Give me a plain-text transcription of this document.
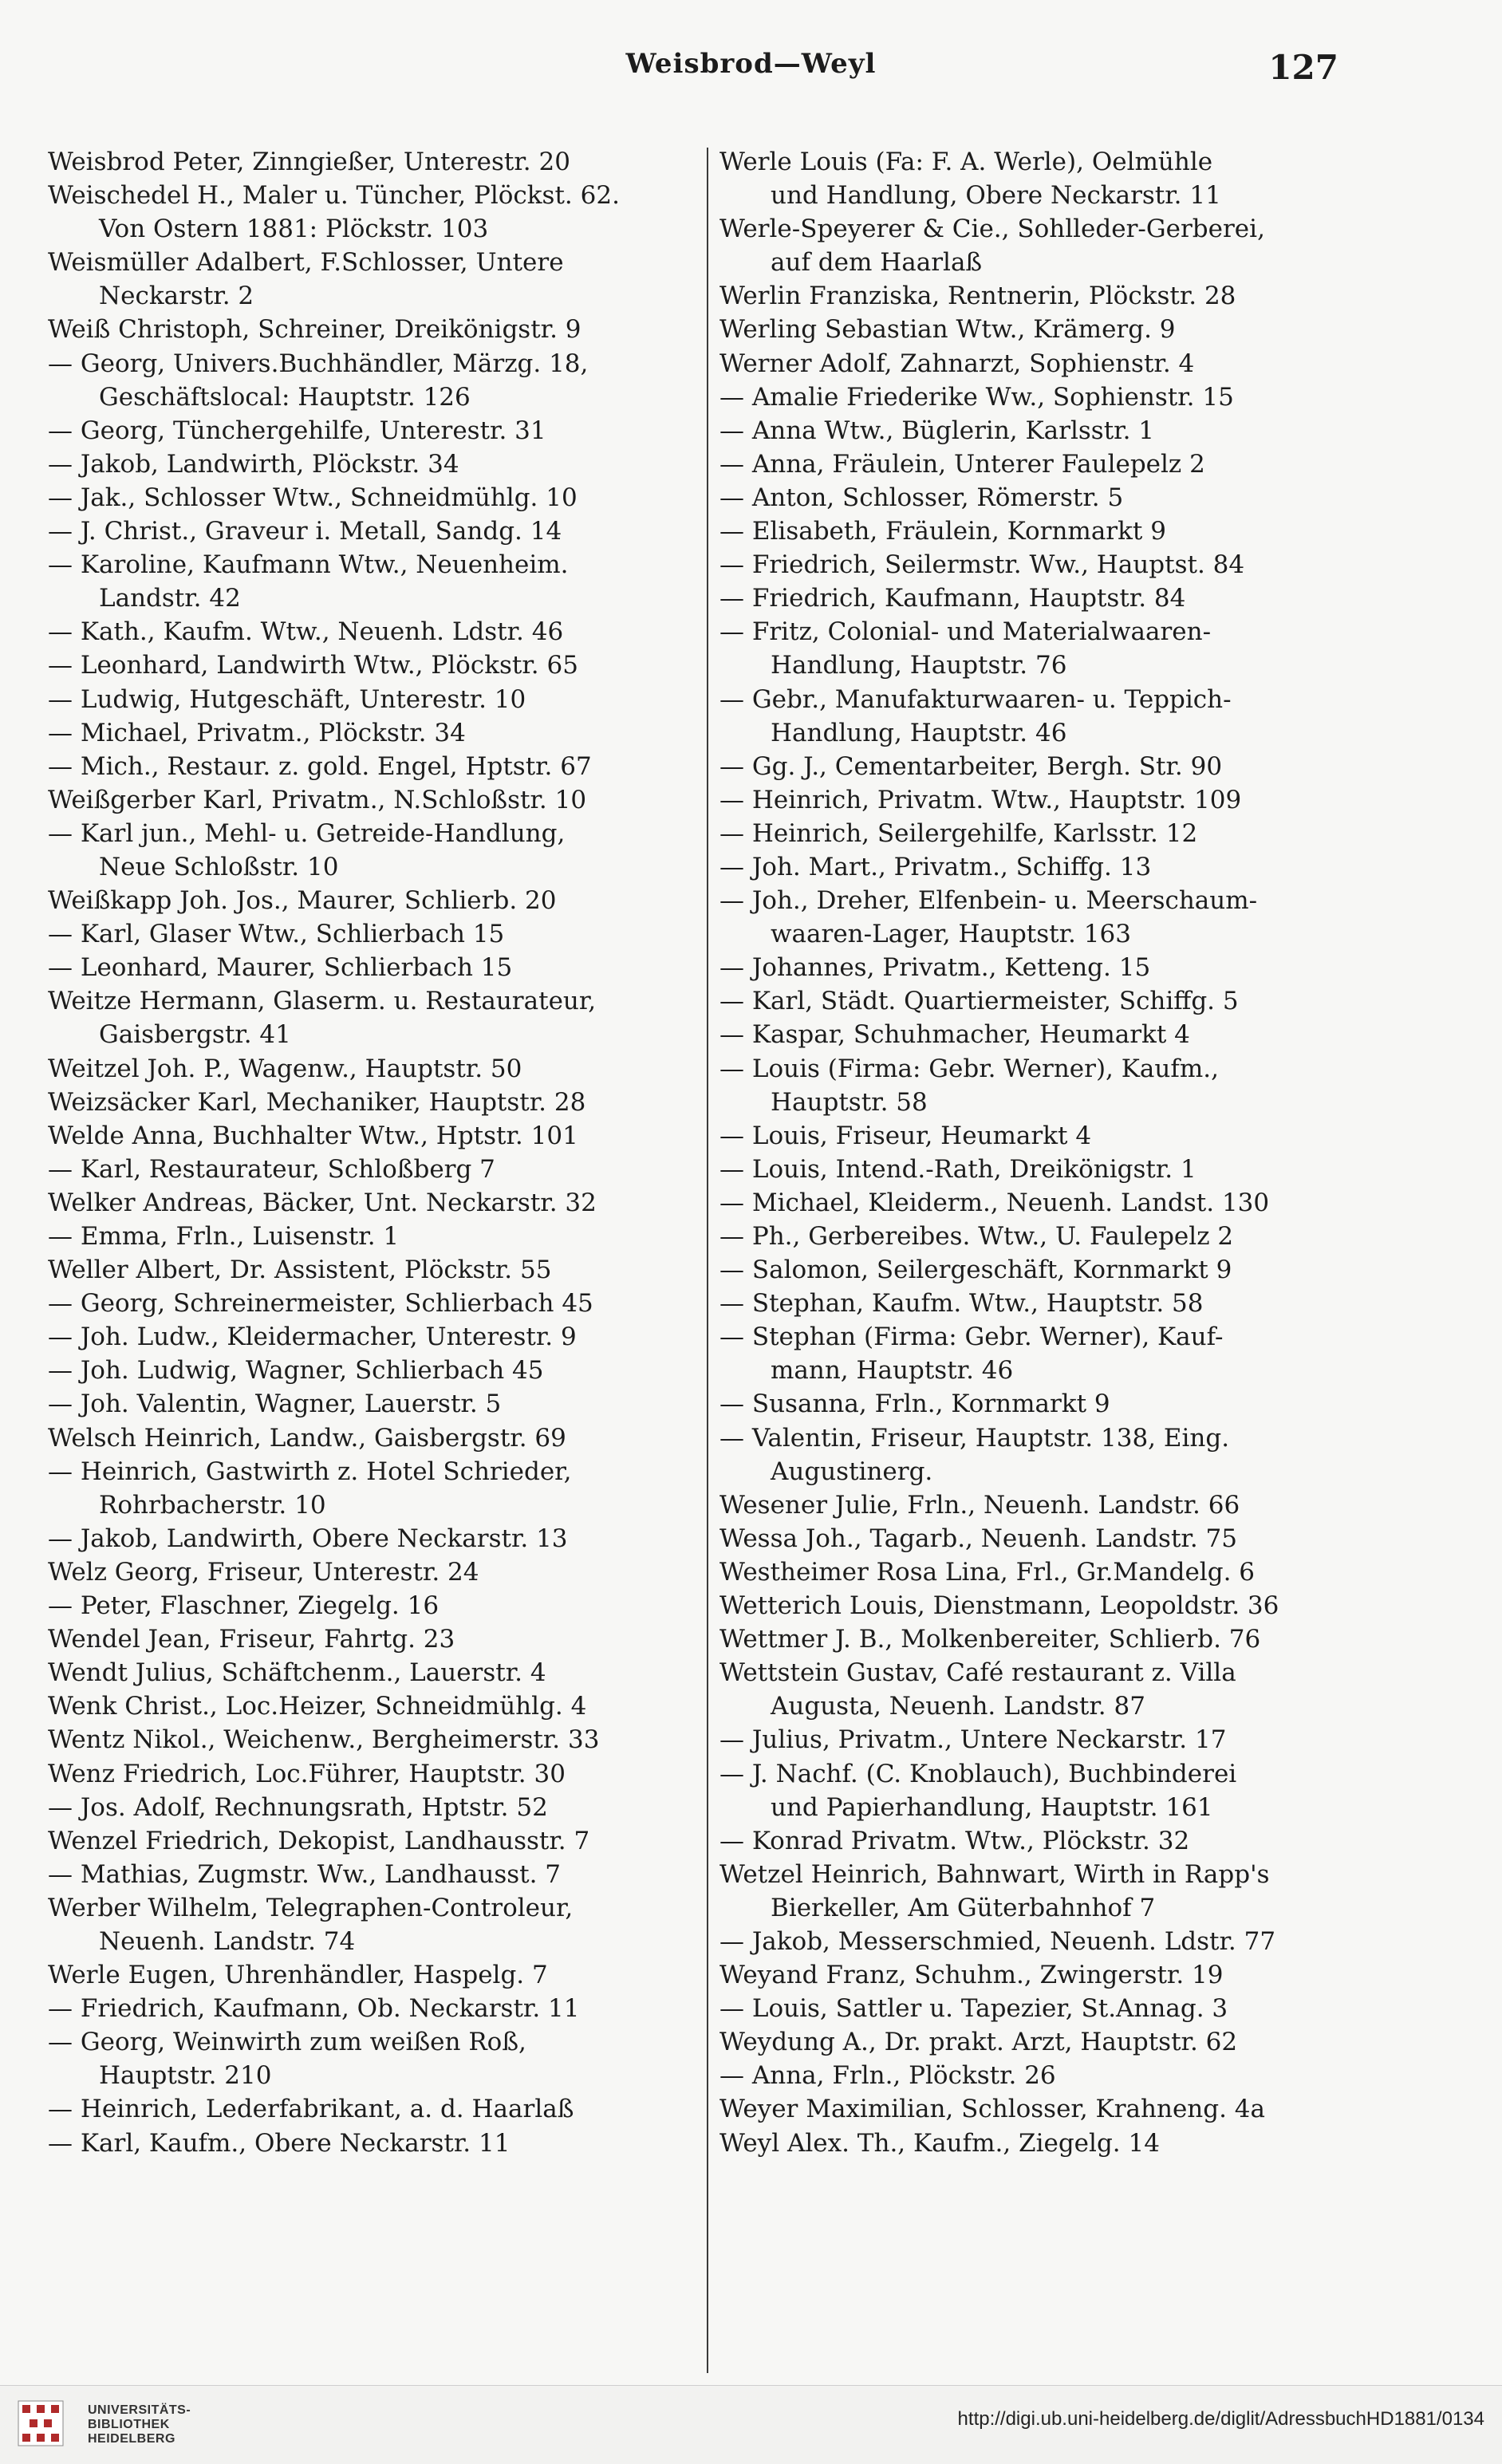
Weisbrod—Weyl	127
Weisbrod Peter, Zinngießer, Unterestr. 20
Weischedel H., Maler u. Tüncher, Plöckst. 62.
Von Ostern 1881: Plöckstr. 103
Weismüller Adalbert, F.Schlosser, Untere
Neckarstr. 2
Weiß Christoph, Schreiner, Dreikönigstr. 9
— Georg, Univers.Buchhändler, Märzg. 18,
Geschäftslocal: Hauptstr. 126
— Georg, Tünchergehilfe, Unterestr. 31
— Jakob, Landwirth, Plöckstr. 34
— Jak., Schlosser Wtw., Schneidmühlg. 10
— J. Christ., Graveur i. Metall, Sandg. 14
— Karoline, Kaufmann Wtw., Neuenheim.
Landstr. 42
— Kath., Kaufm. Wtw., Neuenh. Ldstr. 46
— Leonhard, Landwirth Wtw., Plöckstr. 65
— Ludwig, Hutgeschäft, Unterestr. 10
— Michael, Privatm., Plöckstr. 34
— Mich., Restaur. z. gold. Engel, Hptstr. 67
Weißgerber Karl, Privatm., N.Schloßstr. 10
— Karl jun., Mehl- u. Getreide-Handlung,
Neue Schloßstr. 10
Weißkapp Joh. Jos., Maurer, Schlierb. 20
— Karl, Glaser Wtw., Schlierbach 15
— Leonhard, Maurer, Schlierbach 15
Weitze Hermann, Glaserm. u. Restaurateur,
Gaisbergstr. 41
Weitzel Joh. P., Wagenw., Hauptstr. 50
Weizsäcker Karl, Mechaniker, Hauptstr. 28
Welde Anna, Buchhalter Wtw., Hptstr. 101
— Karl, Restaurateur, Schloßberg 7
Welker Andreas, Bäcker, Unt. Neckarstr. 32
— Emma, Frln., Luisenstr. 1
Weller Albert, Dr. Assistent, Plöckstr. 55
— Georg, Schreinermeister, Schlierbach 45
— Joh. Ludw., Kleidermacher, Unterestr. 9
— Joh. Ludwig, Wagner, Schlierbach 45
— Joh. Valentin, Wagner, Lauerstr. 5
Welsch Heinrich, Landw., Gaisbergstr. 69
— Heinrich, Gastwirth z. Hotel Schrieder,
Rohrbacherstr. 10
— Jakob, Landwirth, Obere Neckarstr. 13
Welz Georg, Friseur, Unterestr. 24
— Peter, Flaschner, Ziegelg. 16
Wendel Jean, Friseur, Fahrtg. 23
Wendt Julius, Schäftchenm., Lauerstr. 4
Wenk Christ., Loc.Heizer, Schneidmühlg. 4
Wentz Nikol., Weichenw., Bergheimerstr. 33
Wenz Friedrich, Loc.Führer, Hauptstr. 30
— Jos. Adolf, Rechnungsrath, Hptstr. 52
Wenzel Friedrich, Dekopist, Landhausstr. 7
— Mathias, Zugmstr. Ww., Landhausst. 7
Werber Wilhelm, Telegraphen-Controleur,
Neuenh. Landstr. 74
Werle Eugen, Uhrenhändler, Haspelg. 7
— Friedrich, Kaufmann, Ob. Neckarstr. 11
— Georg, Weinwirth zum weißen Roß,
Hauptstr. 210
— Heinrich, Lederfabrikant, a. d. Haarlaß
— Karl, Kaufm., Obere Neckarstr. 11
Werle Louis (Fa: F. A. Werle), Oelmühle
und Handlung, Obere Neckarstr. 11
Werle-Speyerer & Cie., Sohlleder-Gerberei,
auf dem Haarlaß
Werlin Franziska, Rentnerin, Plöckstr. 28
Werling Sebastian Wtw., Krämerg. 9
Werner Adolf, Zahnarzt, Sophienstr. 4
— Amalie Friederike Ww., Sophienstr. 15
— Anna Wtw., Büglerin, Karlsstr. 1
— Anna, Fräulein, Unterer Faulepelz 2
— Anton, Schlosser, Römerstr. 5
— Elisabeth, Fräulein, Kornmarkt 9
— Friedrich, Seilermstr. Ww., Hauptst. 84
— Friedrich, Kaufmann, Hauptstr. 84
— Fritz, Colonial- und Materialwaaren-
Handlung, Hauptstr. 76
— Gebr., Manufakturwaaren- u. Teppich-
Handlung, Hauptstr. 46
— Gg. J., Cementarbeiter, Bergh. Str. 90
— Heinrich, Privatm. Wtw., Hauptstr. 109
— Heinrich, Seilergehilfe, Karlsstr. 12
— Joh. Mart., Privatm., Schiffg. 13
— Joh., Dreher, Elfenbein- u. Meerschaum-
waaren-Lager, Hauptstr. 163
— Johannes, Privatm., Ketteng. 15
— Karl, Städt. Quartiermeister, Schiffg. 5
— Kaspar, Schuhmacher, Heumarkt 4
— Louis (Firma: Gebr. Werner), Kaufm.,
Hauptstr. 58
— Louis, Friseur, Heumarkt 4
— Louis, Intend.-Rath, Dreikönigstr. 1
— Michael, Kleiderm., Neuenh. Landst. 130
— Ph., Gerbereibes. Wtw., U. Faulepelz 2
— Salomon, Seilergeschäft, Kornmarkt 9
— Stephan, Kaufm. Wtw., Hauptstr. 58
— Stephan (Firma: Gebr. Werner), Kauf-
mann, Hauptstr. 46
— Susanna, Frln., Kornmarkt 9
— Valentin, Friseur, Hauptstr. 138, Eing.
Augustinerg.
Wesener Julie, Frln., Neuenh. Landstr. 66
Wessa Joh., Tagarb., Neuenh. Landstr. 75
Westheimer Rosa Lina, Frl., Gr.Mandelg. 6
Wetterich Louis, Dienstmann, Leopoldstr. 36
Wettmer J. B., Molkenbereiter, Schlierb. 76
Wettstein Gustav, Café restaurant z. Villa
Augusta, Neuenh. Landstr. 87
— Julius, Privatm., Untere Neckarstr. 17
— J. Nachf. (C. Knoblauch), Buchbinderei
und Papierhandlung, Hauptstr. 161
— Konrad Privatm. Wtw., Plöckstr. 32
Wetzel Heinrich, Bahnwart, Wirth in Rapp's
Bierkeller, Am Güterbahnhof 7
— Jakob, Messerschmied, Neuenh. Ldstr. 77
Weyand Franz, Schuhm., Zwingerstr. 19
— Louis, Sattler u. Tapezier, St.Annag. 3
Weydung A., Dr. prakt. Arzt, Hauptstr. 62
— Anna, Frln., Plöckstr. 26
Weyer Maximilian, Schlosser, Krahneng. 4a
Weyl Alex. Th., Kaufm., Ziegelg. 14
UNIVERSITÄTS-
BIBLIOTHEK
HEIDELBERG
http://digi.ub.uni-heidelberg.de/diglit/AdressbuchHD1881/0134
